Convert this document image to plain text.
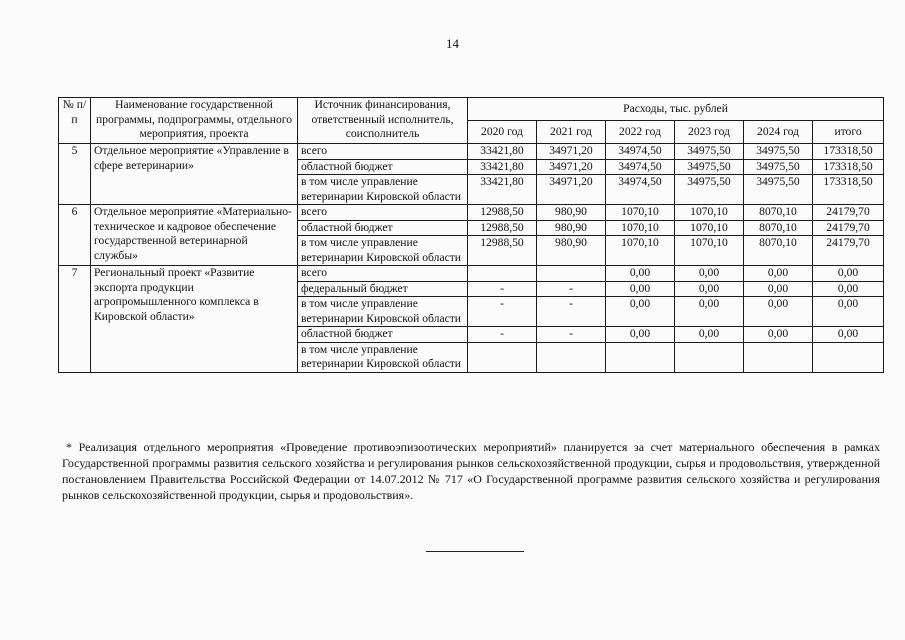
14
№ п/п	Наименование государственной программы, подпрограммы, отдельного мероприятия, проекта	Источник финансирования, ответственный исполнитель, соисполнитель	Расходы, тыс. рублей					
			2020 год	2021 год	2022 год	2023 год	2024 год	итого
5	Отдельное мероприятие «Управление в сфере ветеринарии»	всего	33421,80	34971,20	34974,50	34975,50	34975,50	173318,50
		областной бюджет	33421,80	34971,20	34974,50	34975,50	34975,50	173318,50
		в том числе управление ветеринарии Кировской области	33421,80	34971,20	34974,50	34975,50	34975,50	173318,50
6	Отдельное мероприятие «Материально-техническое и кадровое обеспечение государственной ветеринарной службы»	всего	12988,50	980,90	1070,10	1070,10	8070,10	24179,70
		областной бюджет	12988,50	980,90	1070,10	1070,10	8070,10	24179,70
		в том числе управление ветеринарии Кировской области	12988,50	980,90	1070,10	1070,10	8070,10	24179,70
7	Региональный проект «Развитие экспорта продукции агропромышленного комплекса в Кировской области»	всего			0,00	0,00	0,00	0,00
		федеральный бюджет	-	-	0,00	0,00	0,00	0,00
		в том числе управление ветеринарии Кировской области	-	-	0,00	0,00	0,00	0,00
		областной бюджет	-	-	0,00	0,00	0,00	0,00
		в том числе управление ветеринарии Кировской области						
* Реализация отдельного мероприятия «Проведение противоэпизоотических мероприятий» планируется за счет материального обеспечения в рамках Государственной программы развития сельского хозяйства и регулирования рынков сельскохозяйственной продукции, сырья и продовольствия, утвержденной постановлением Правительства Российской Федерации от 14.07.2012 № 717 «О Государственной программе развития сельского хозяйства и регулирования рынков сельскохозяйственной продукции, сырья и продовольствия».
